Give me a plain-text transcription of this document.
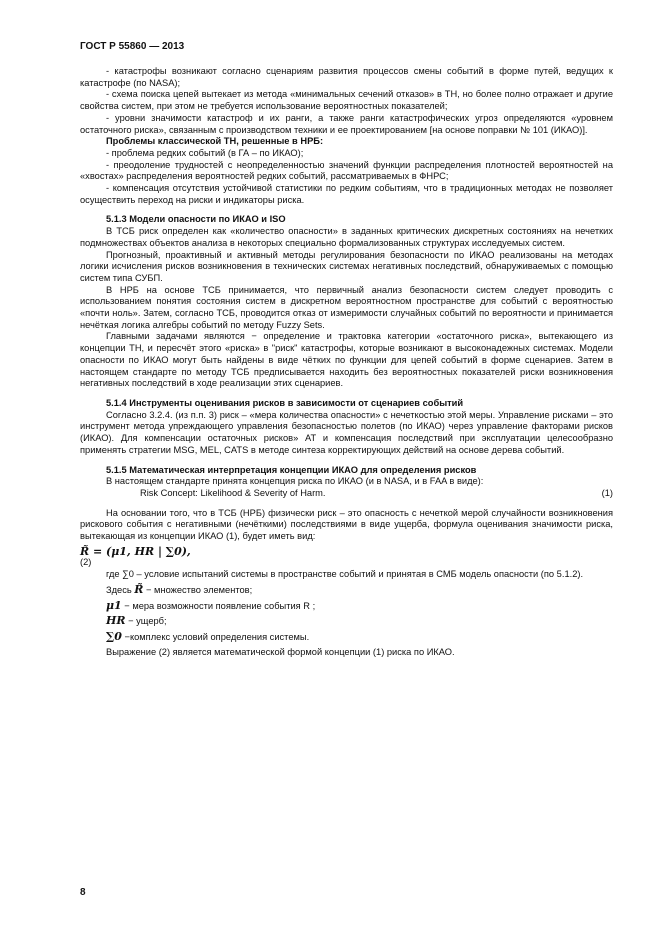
ГОСТ Р 55860 — 2013

- катастрофы возникают согласно сценариям развития процессов смены событий в форме путей, ведущих к катастрофе (по NASA);

- схема поиска цепей вытекает из метода «минимальных сечений отказов» в ТН, но более полно отражает и другие свойства систем, при этом не требуется использование вероятностных показателей;

- уровни значимости катастроф и их ранги, а также ранги катастрофических угроз определяются «уровнем остаточного риска», связанным с производством техники и ее проектированием [на основе поправки № 101 (ИКАО)].

Проблемы классической ТН, решенные в НРБ:

- проблема редких событий (в ГА – по ИКАО);

- преодоление трудностей с неопределенностью значений функции распределения плотностей вероятностей на «хвостах» распределения вероятностей редких событий, рассматриваемых в ФНРС;

- компенсация отсутствия устойчивой статистики по редким событиям, что в традиционных методах не позволяет осуществить переход на риски и индикаторы риска.

5.1.3 Модели опасности по ИКАО и ISO

В ТСБ риск определен как «количество опасности» в заданных критических дискретных состояниях на нечетких подмножествах объектов анализа в некоторых специально формализованных структурах исследуемых систем.

Прогнозный, проактивный и активный методы регулирования безопасности по ИКАО реализованы на методах логики исчисления рисков возникновения в технических системах негативных последствий, обнаруживаемых с помощью систем типа СУБП.

В НРБ на основе ТСБ принимается, что первичный анализ безопасности систем следует проводить с использованием понятия состояния систем в дискретном вероятностном пространстве для событий с вероятностью «почти ноль». Затем, согласно ТСБ, проводится отказ от измеримости случайных событий по вероятности и принимается нечёткая логика алгебры событий по методу Fuzzy Sets.

Главными задачами являются − определение и трактовка категории «остаточного риска», вытекающего из концепции ТН, и пересчёт этого «риска» в "риск" катастрофы, которые возникают в высоконадежных системах. Модели опасности по ИКАО могут быть найдены в виде чётких по функции для цепей событий в форме сценариев. Затем в настоящем стандарте по методу ТСБ предписывается находить без вероятностных показателей риски возникновения негативных последствий в ходе реализации этих сценариев.

5.1.4 Инструменты оценивания рисков в зависимости от сценариев событий

Согласно 3.2.4. (из п.п. 3) риск – «мера количества опасности» с нечеткостью этой меры. Управление рисками – это инструмент метода упреждающего управления безопасностью полетов (по ИКАО) через управление факторами рисков (ИКАО). Для компенсации остаточных рисков» АТ и компенсация последствий при эксплуатации целесообразно применять стратегии MSG, MEL, CATS в методе синтеза корректирующих действий на основе дерева событий.

5.1.5 Математическая интерпретация концепции ИКАО для определения рисков

В настоящем стандарте принята концепция риска по ИКАО (и в NASA, и в FAA в виде):

Risk Concept: Likelihood & Severity of Harm.	(1)

На основании того, что в ТСБ (НРБ) физически риск – это опасность с нечеткой мерой случайности возникновения рискового события с негативными (нечёткими) последствиями в виде ущерба, формула оценивания значимости риска, вытекающая из концепции ИКАО (1), будет иметь вид:

R̃ = (μ1, HR | ∑0),

(2)

где ∑0 – условие испытаний системы в пространстве событий и принятая в СМБ модель опасности (по 5.1.2).

Здесь R̃ − множество элементов;

μ1 − мера возможности появление события R ;

HR − ущерб;

∑0 −комплекс условий определения системы.

Выражение (2) является математической формой концепции (1) риска по ИКАО.

8
